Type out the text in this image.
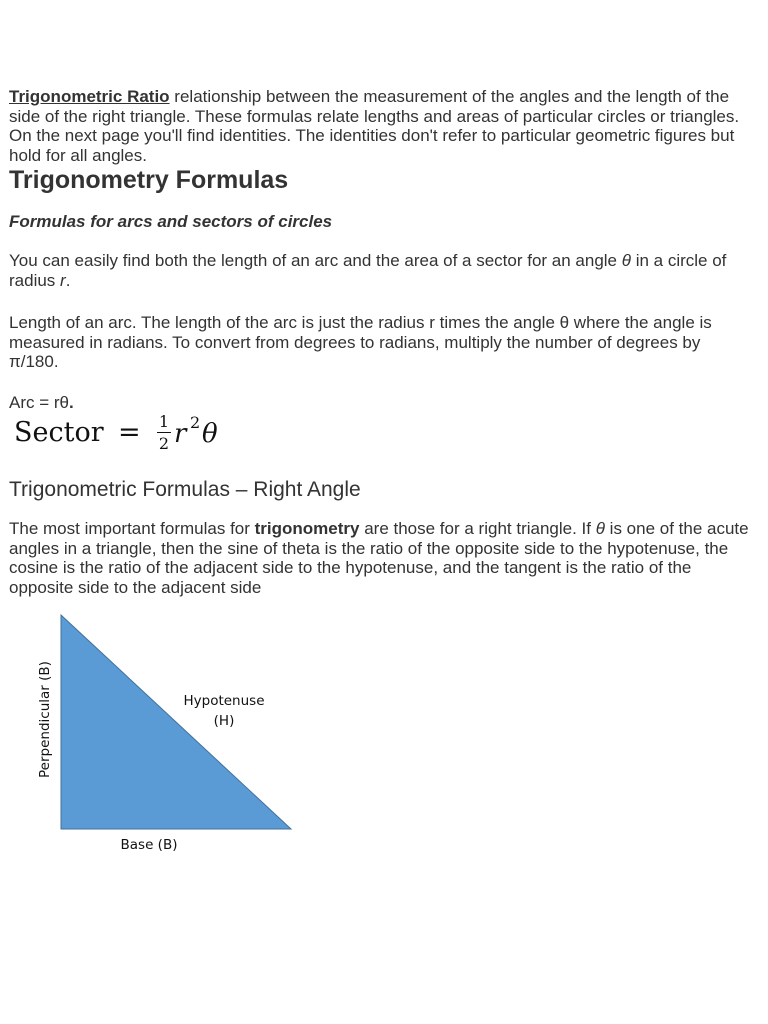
Trigonometric Ratio relationship between the measurement of the angles and the length of the side of the right triangle. These formulas relate lengths and areas of particular circles or triangles. On the next page you'll find identities. The identities don't refer to particular geometric figures but hold for all angles.

Trigonometry Formulas
Formulas for arcs and sectors of circles

You can easily find both the length of an arc and the area of a sector for an angle θ in a circle of radius r.

Length of an arc. The length of the arc is just the radius r times the angle θ where the angle is measured in radians. To convert from degrees to radians, multiply the number of degrees by π/180.

Arc = rθ.

Sector = 1
2 r 2 θ
Trigonometric Formulas – Right Angle

The most important formulas for trigonometry are those for a right triangle. If θ is one of the acute angles in a triangle, then the sine of theta is the ratio of the opposite side to the hypotenuse, the cosine is the ratio of the adjacent side to the hypotenuse, and the tangent is the ratio of the opposite side to the adjacent side

Perpendicular (B)	Hypotenuse
(H)
Base (B)
